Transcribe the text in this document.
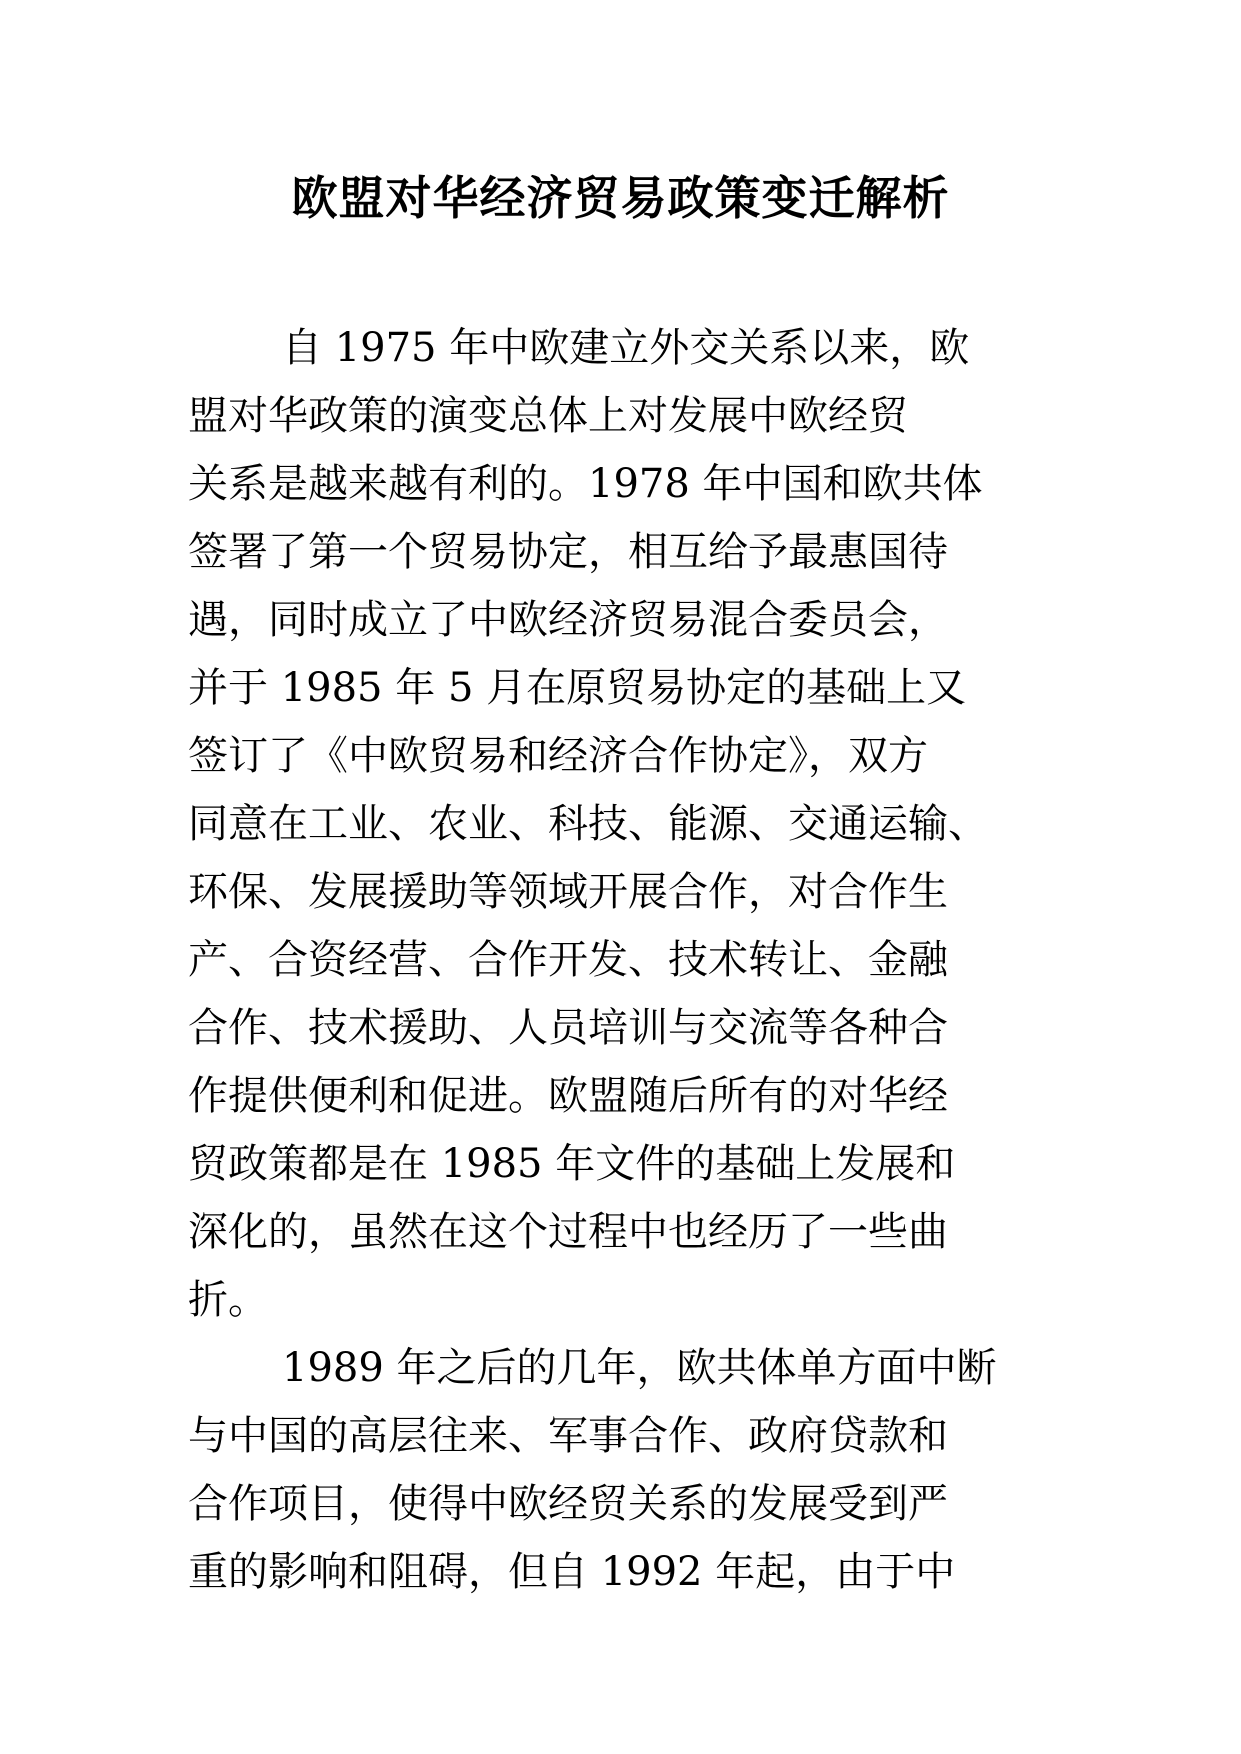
欧盟对华经济贸易政策变迁解析
自 1975 年中欧建立外交关系以来，欧
盟对华政策的演变总体上对发展中欧经贸
关系是越来越有利的。1978 年中国和欧共体
签署了第一个贸易协定，相互给予最惠国待
遇，同时成立了中欧经济贸易混合委员会，
并于 1985 年 5 月在原贸易协定的基础上又
签订了《中欧贸易和经济合作协定》，双方
同意在工业、农业、科技、能源、交通运输、
环保、发展援助等领域开展合作，对合作生
产、合资经营、合作开发、技术转让、金融
合作、技术援助、人员培训与交流等各种合
作提供便利和促进。欧盟随后所有的对华经
贸政策都是在 1985 年文件的基础上发展和
深化的，虽然在这个过程中也经历了一些曲
折。
1989 年之后的几年，欧共体单方面中断
与中国的高层往来、军事合作、政府贷款和
合作项目，使得中欧经贸关系的发展受到严
重的影响和阻碍，但自 1992 年起，由于中
